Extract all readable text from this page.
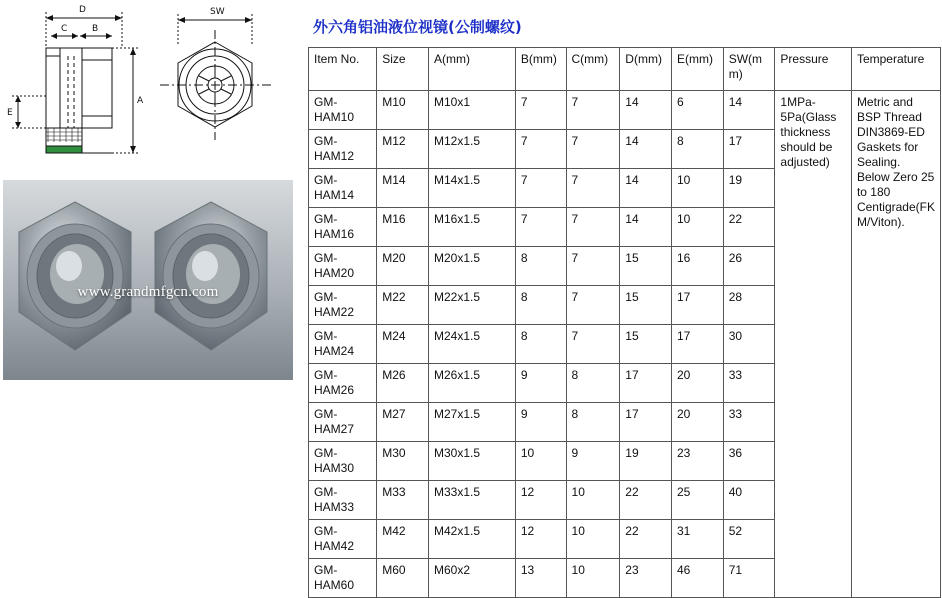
D
C	B
SW
A
E
www.grandmfgcn.com
外六角铝油液位视镜(公制螺纹)
Item No.	Size	A(mm)	B(mm)	C(mm)	D(mm)	E(mm)	SW(mm)	Pressure	Temperature
GM-HAM10	M10	M10x1	7	7	14	6	14	1MPa-5Pa(Glass thickness should be adjusted)	Metric and BSP Thread DIN3869-ED Gaskets for Sealing. Below Zero 25 to 180 Centigrade(FKM/Viton).
GM-HAM12	M12	M12x1.5	7	7	14	8	17		
GM-HAM14	M14	M14x1.5	7	7	14	10	19		
GM-HAM16	M16	M16x1.5	7	7	14	10	22		
GM-HAM20	M20	M20x1.5	8	7	15	16	26		
GM-HAM22	M22	M22x1.5	8	7	15	17	28		
GM-HAM24	M24	M24x1.5	8	7	15	17	30		
GM-HAM26	M26	M26x1.5	9	8	17	20	33		
GM-HAM27	M27	M27x1.5	9	8	17	20	33		
GM-HAM30	M30	M30x1.5	10	9	19	23	36		
GM-HAM33	M33	M33x1.5	12	10	22	25	40		
GM-HAM42	M42	M42x1.5	12	10	22	31	52		
GM-HAM60	M60	M60x2	13	10	23	46	71		
